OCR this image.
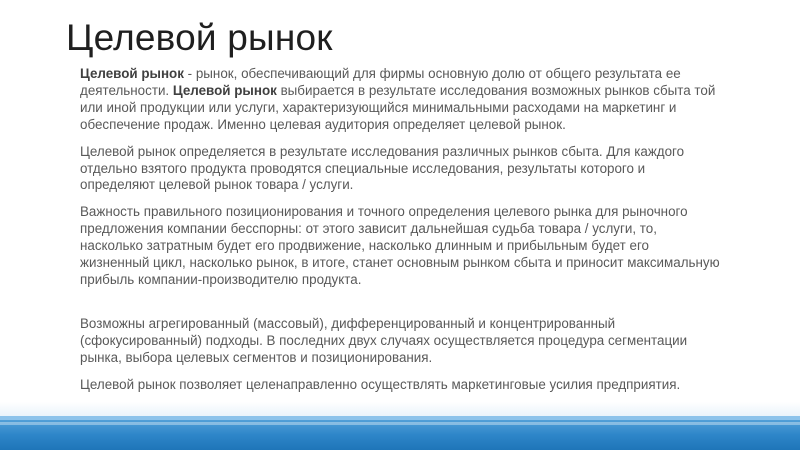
Целевой рынок

Целевой рынок - рынок, обеспечивающий для фирмы основную долю от общего результата ее деятельности. Целевой рынок выбирается в результате исследования возможных рынков сбыта той или иной продукции или услуги, характеризующийся минимальными расходами на маркетинг и обеспечение продаж. Именно целевая аудитория определяет целевой рынок.

Целевой рынок определяется в результате исследования различных рынков сбыта. Для каждого отдельно взятого продукта проводятся специальные исследования, результаты которого и определяют целевой рынок товара / услуги.

Важность правильного позиционирования и точного определения целевого рынка для рыночного предложения компании бесспорны: от этого зависит дальнейшая судьба товара / услуги, то, насколько затратным будет его продвижение, насколько длинным и прибыльным будет его жизненный цикл, насколько рынок, в итоге, станет основным рынком сбыта и приносит максимальную прибыль компании-производителю продукта.

Возможны агрегированный (массовый), дифференцированный и концентрированный (сфокусированный) подходы. В последних двух случаях осуществляется процедура сегментации рынка, выбора целевых сегментов и позиционирования.

Целевой рынок позволяет целенаправленно осуществлять маркетинговые усилия предприятия.
